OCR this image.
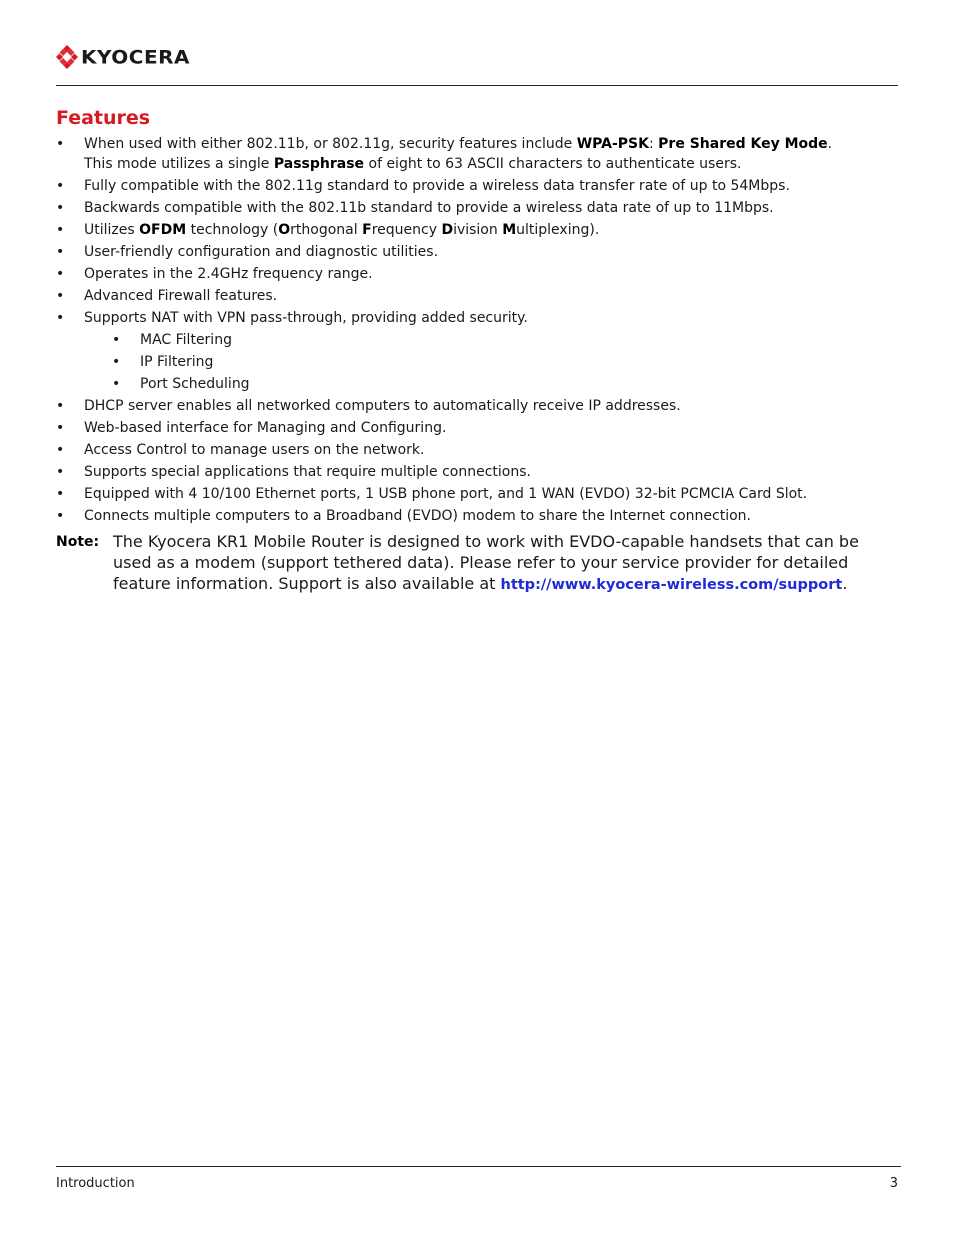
KYOCERA
Features
• When used with either 802.11b, or 802.11g, security features include WPA-PSK: Pre Shared Key Mode.
This mode utilizes a single Passphrase of eight to 63 ASCII characters to authenticate users.
• Fully compatible with the 802.11g standard to provide a wireless data transfer rate of up to 54Mbps.
• Backwards compatible with the 802.11b standard to provide a wireless data rate of up to 11Mbps.
• Utilizes OFDM technology (Orthogonal Frequency Division Multiplexing).
• User-friendly configuration and diagnostic utilities.
• Operates in the 2.4GHz frequency range.
• Advanced Firewall features.
• Supports NAT with VPN pass-through, providing added security.
• MAC Filtering
• IP Filtering
• Port Scheduling
• DHCP server enables all networked computers to automatically receive IP addresses.
• Web-based interface for Managing and Configuring.
• Access Control to manage users on the network.
• Supports special applications that require multiple connections.
• Equipped with 4 10/100 Ethernet ports, 1 USB phone port, and 1 WAN (EVDO) 32-bit PCMCIA Card Slot.
• Connects multiple computers to a Broadband (EVDO) modem to share the Internet connection.
Note: The Kyocera KR1 Mobile Router is designed to work with EVDO-capable handsets that can be used as a modem (support tethered data). Please refer to your service provider for detailed feature information. Support is also available at http://www.kyocera-wireless.com/support.
Introduction	3
